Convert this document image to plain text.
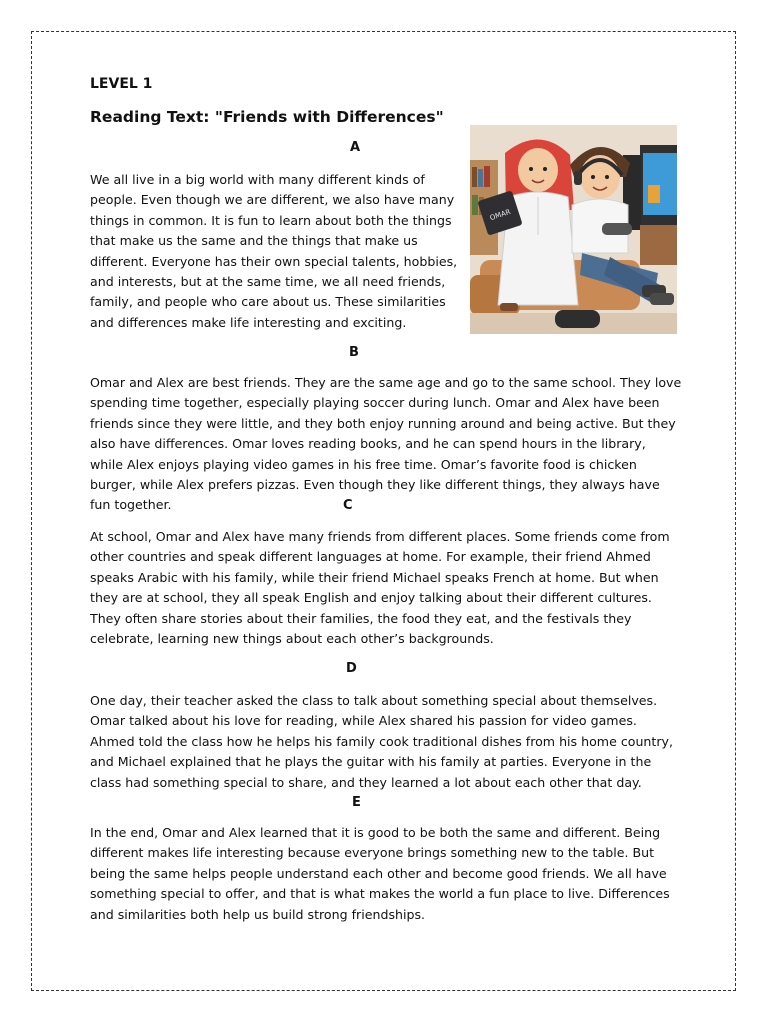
LEVEL 1
Reading Text: "Friends with Differences"

A

We all live in a big world with many different kinds of people. Even though we are different, we also have many things in common. It is fun to learn about both the things that make us the same and the things that make us different. Everyone has their own special talents, hobbies, and interests, but at the same time, we all need friends, family, and people who care about us. These similarities and differences make life interesting and exciting.

OMAR

B

Omar and Alex are best friends. They are the same age and go to the same school. They love spending time together, especially playing soccer during lunch. Omar and Alex have been friends since they were little, and they both enjoy running around and being active. But they also have differences. Omar loves reading books, and he can spend hours in the library, while Alex enjoys playing video games in his free time. Omar’s favorite food is chicken burger, while Alex prefers pizzas. Even though they like different things, they always have fun together.	C

At school, Omar and Alex have many friends from different places. Some friends come from other countries and speak different languages at home. For example, their friend Ahmed speaks Arabic with his family, while their friend Michael speaks French at home. But when they are at school, they all speak English and enjoy talking about their different cultures. They often share stories about their families, the food they eat, and the festivals they celebrate, learning new things about each other’s backgrounds.

D

One day, their teacher asked the class to talk about something special about themselves. Omar talked about his love for reading, while Alex shared his passion for video games. Ahmed told the class how he helps his family cook traditional dishes from his home country, and Michael explained that he plays the guitar with his family at parties. Everyone in the class had something special to share, and they learned a lot about each other that day.

E

In the end, Omar and Alex learned that it is good to be both the same and different. Being different makes life interesting because everyone brings something new to the table. But being the same helps people understand each other and become good friends. We all have something special to offer, and that is what makes the world a fun place to live. Differences and similarities both help us build strong friendships.
